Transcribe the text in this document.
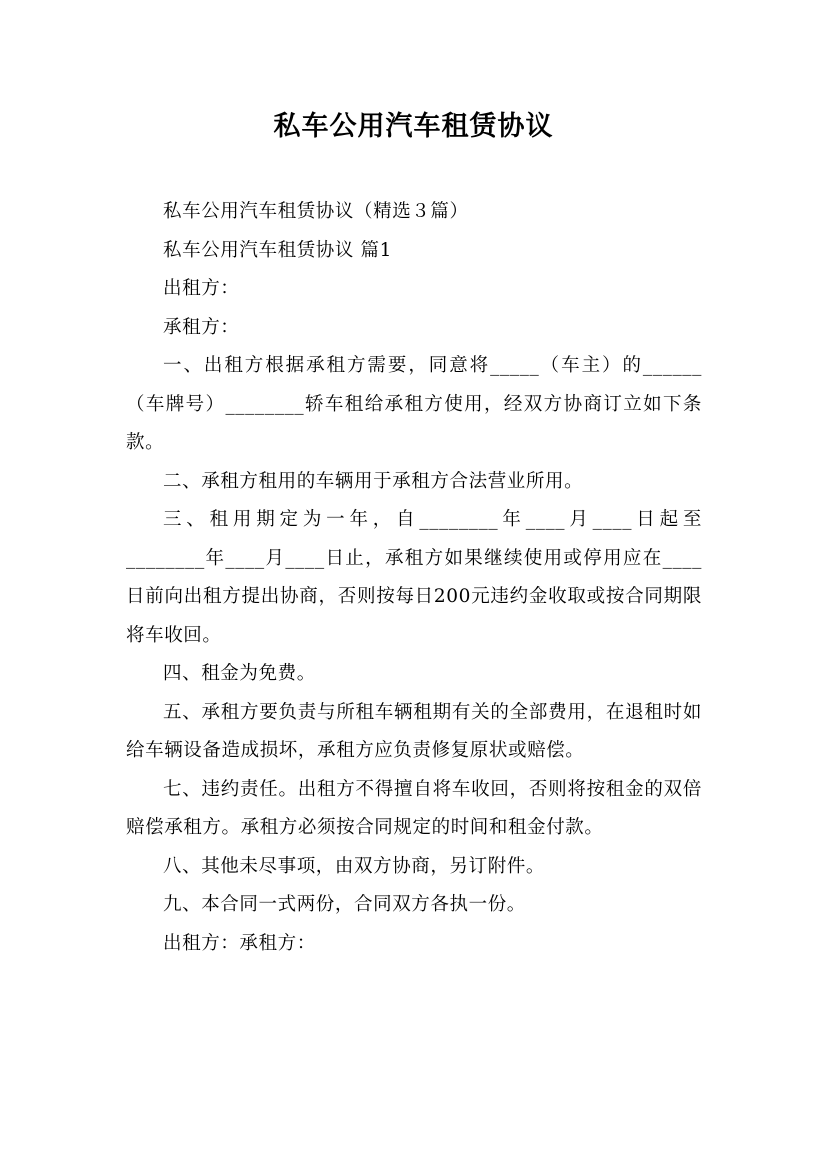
私车公用汽车租赁协议

私车公用汽车租赁协议（精选３篇）

私车公用汽车租赁协议 篇1

出租方：

承租方：

一、出租方根据承租方需要，同意将_____（车主）的______（车牌号）________轿车租给承租方使用，经双方协商订立如下条款。

二、承租方租用的车辆用于承租方合法营业所用。

三、租用期定为一年，自________年____月____日起至________年____月____日止，承租方如果继续使用或停用应在____日前向出租方提出协商，否则按每日200元违约金收取或按合同期限将车收回。

四、租金为免费。

五、承租方要负责与所租车辆租期有关的全部费用，在退租时如给车辆设备造成损坏，承租方应负责修复原状或赔偿。

七、违约责任。出租方不得擅自将车收回，否则将按租金的双倍赔偿承租方。承租方必须按合同规定的时间和租金付款。

八、其他未尽事项，由双方协商，另订附件。

九、本合同一式两份，合同双方各执一份。

出租方：承租方：
